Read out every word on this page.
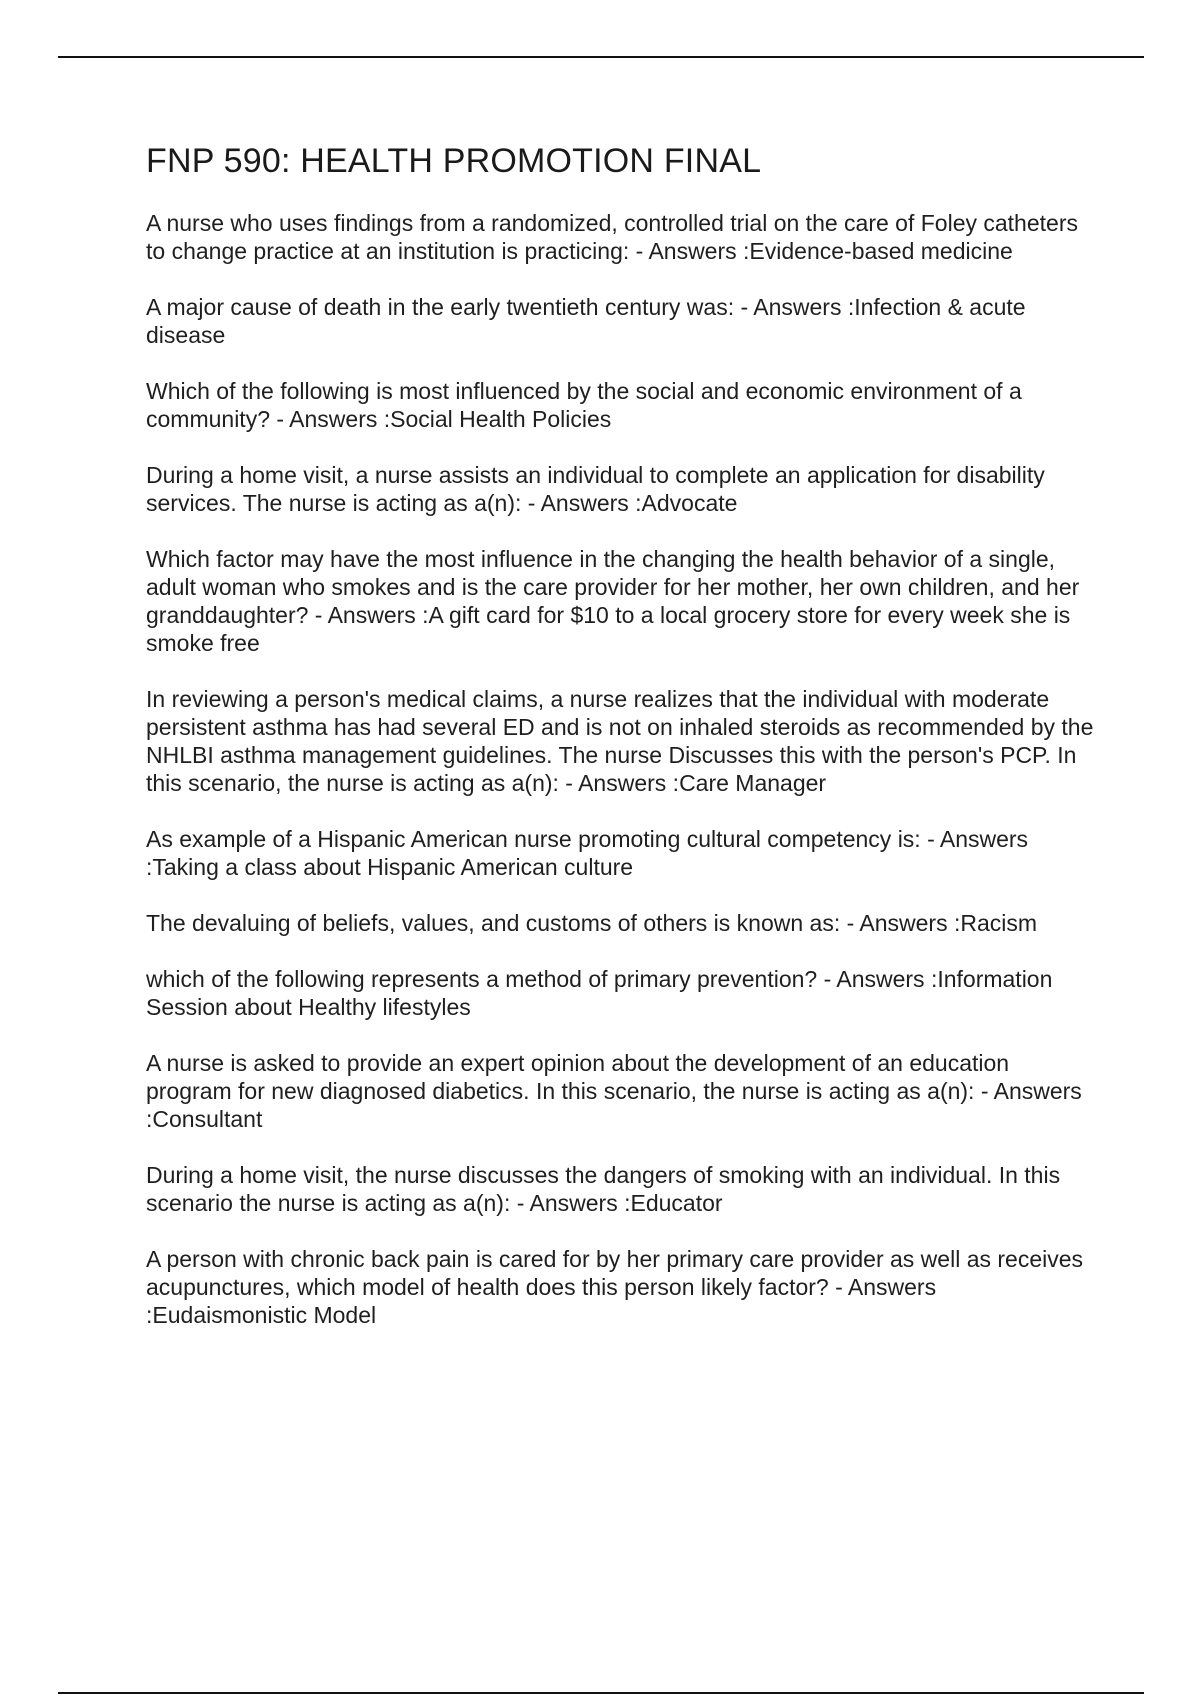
FNP 590: HEALTH PROMOTION FINAL
A nurse who uses findings from a randomized, controlled trial on the care of Foley catheters to change practice at an institution is practicing: - Answers :Evidence-based medicine
A major cause of death in the early twentieth century was: - Answers :Infection & acute disease
Which of the following is most influenced by the social and economic environment of a community? - Answers :Social Health Policies
During a home visit, a nurse assists an individual to complete an application for disability services. The nurse is acting as a(n): - Answers :Advocate
Which factor may have the most influence in the changing the health behavior of a single, adult woman who smokes and is the care provider for her mother, her own children, and her granddaughter? - Answers :A gift card for $10 to a local grocery store for every week she is smoke free
In reviewing a person's medical claims, a nurse realizes that the individual with moderate persistent asthma has had several ED and is not on inhaled steroids as recommended by the NHLBI asthma management guidelines. The nurse Discusses this with the person's PCP. In this scenario, the nurse is acting as a(n): - Answers :Care Manager
As example of a Hispanic American nurse promoting cultural competency is: - Answers :Taking a class about Hispanic American culture
The devaluing of beliefs, values, and customs of others is known as: - Answers :Racism
which of the following represents a method of primary prevention? - Answers :Information Session about Healthy lifestyles
A nurse is asked to provide an expert opinion about the development of an education program for new diagnosed diabetics. In this scenario, the nurse is acting as a(n): - Answers :Consultant
During a home visit, the nurse discusses the dangers of smoking with an individual. In this scenario the nurse is acting as a(n): - Answers :Educator
A person with chronic back pain is cared for by her primary care provider as well as receives acupunctures, which model of health does this person likely factor? - Answers :Eudaismonistic Model
